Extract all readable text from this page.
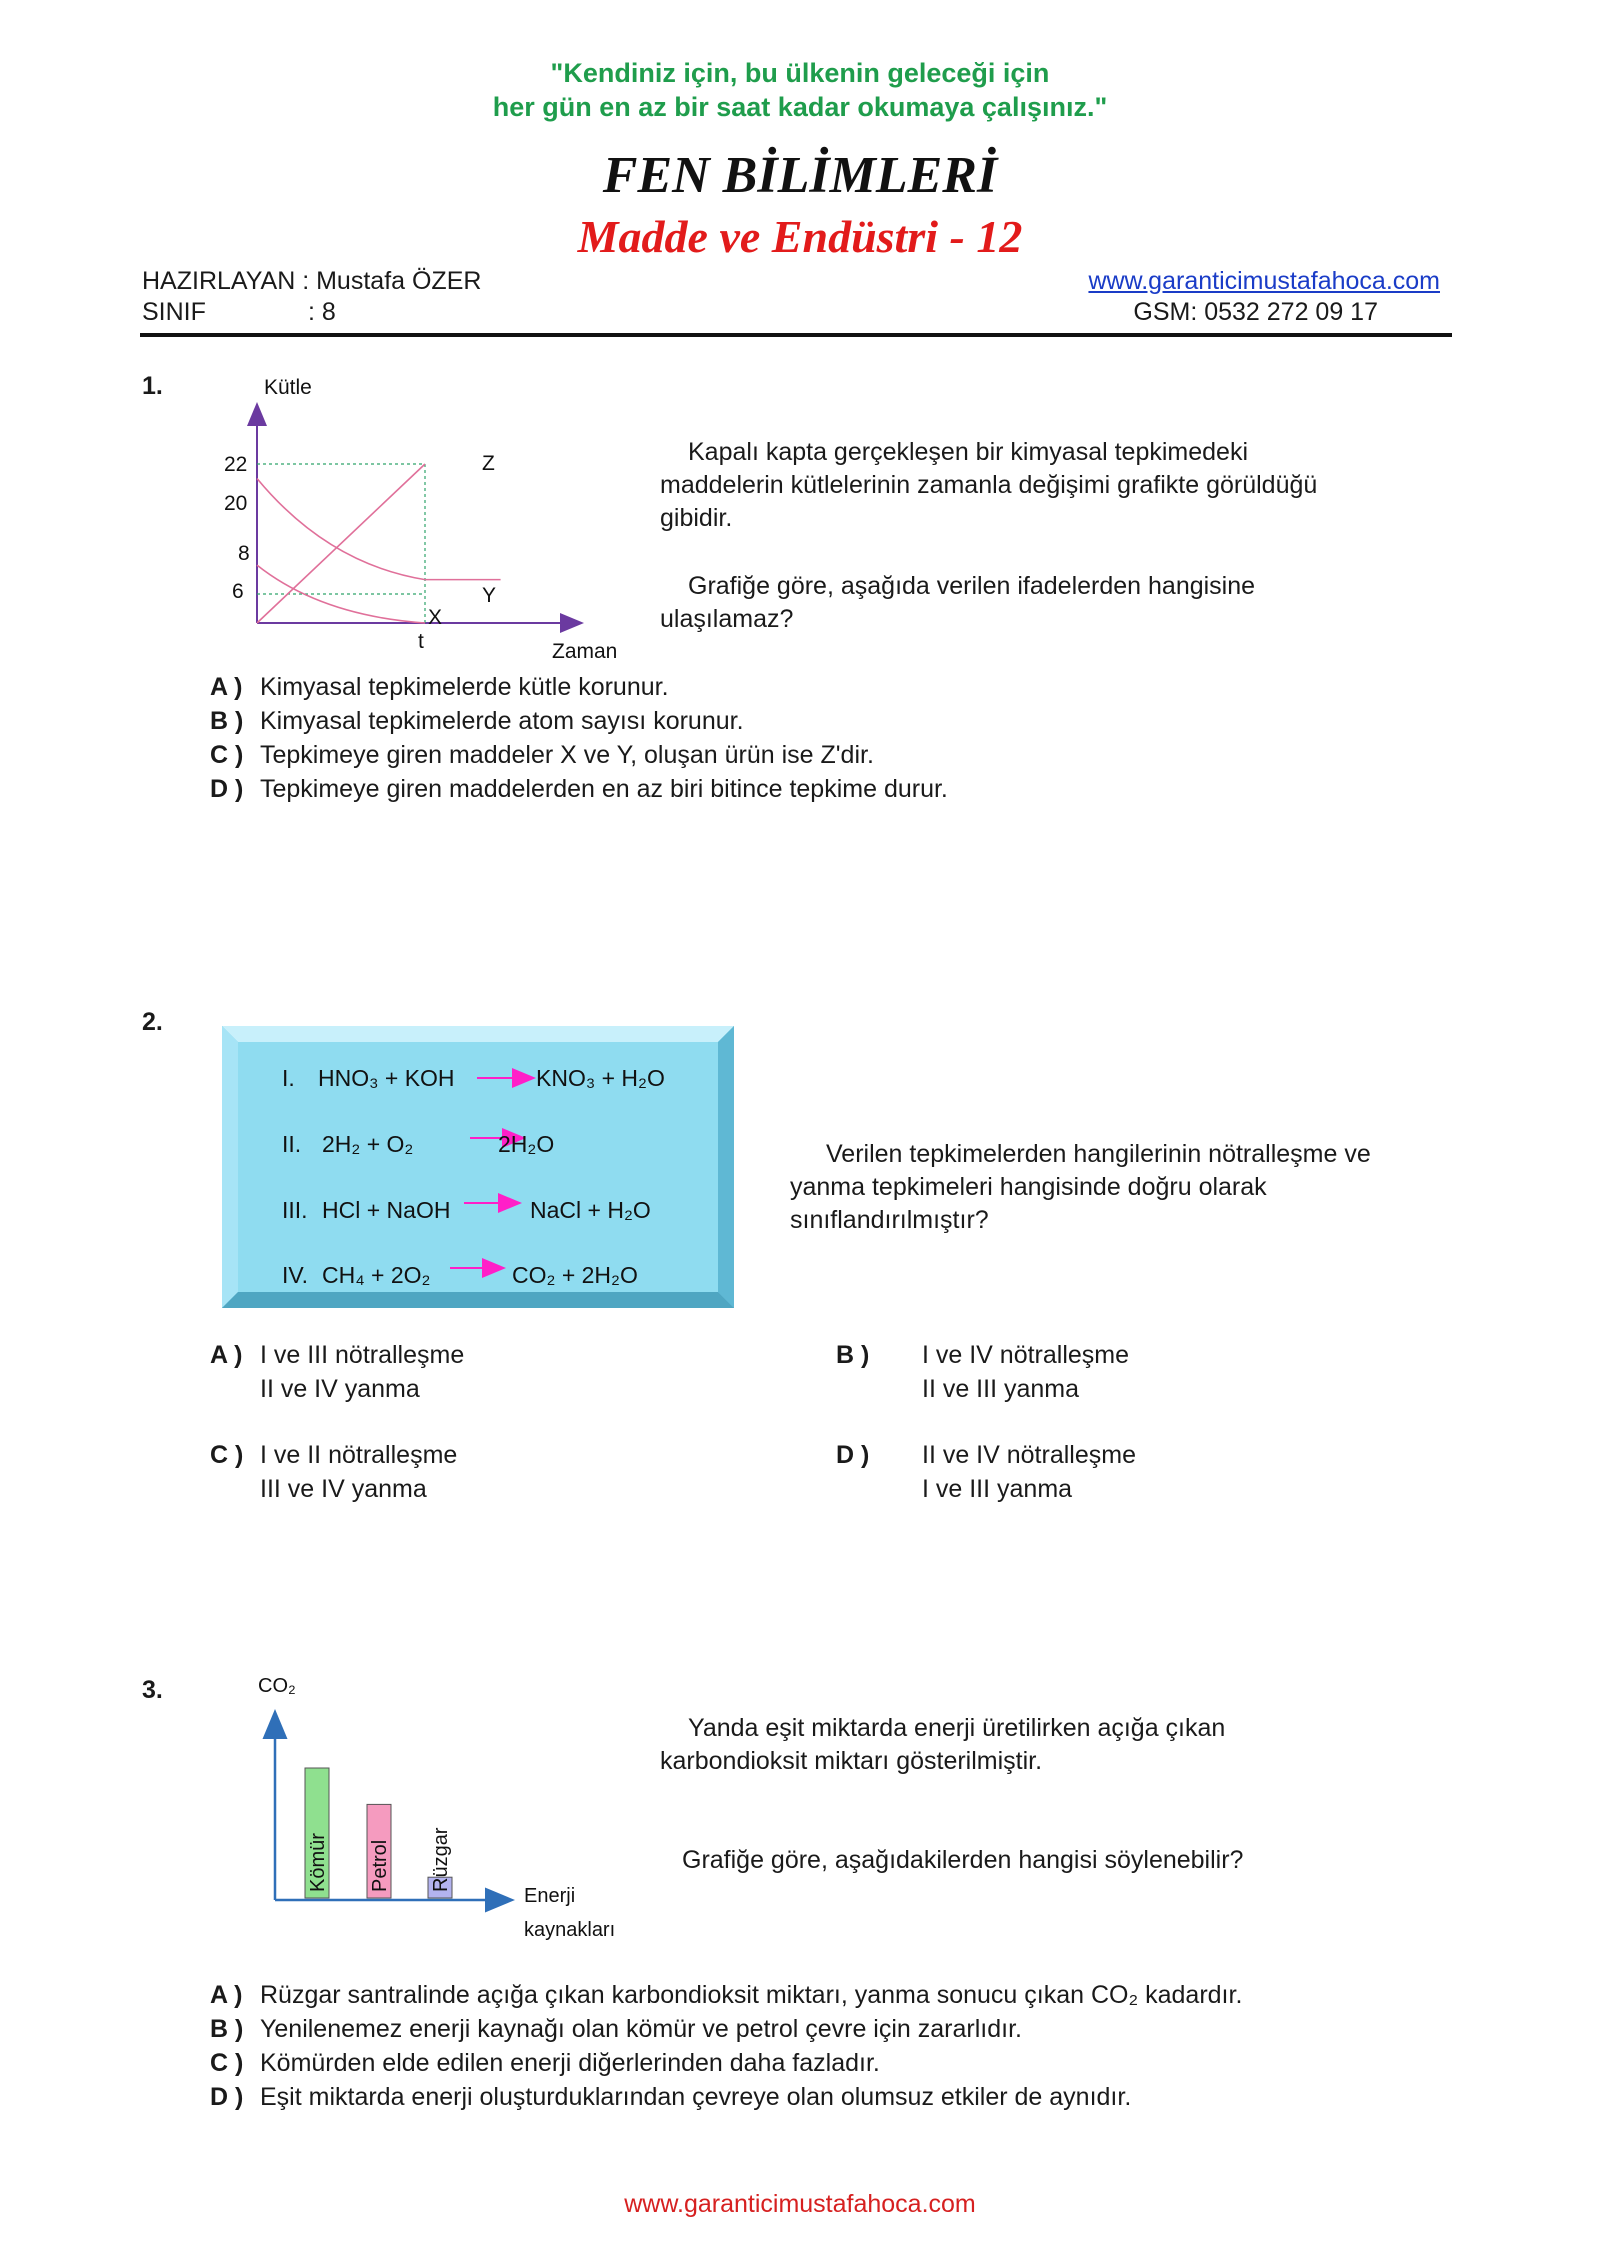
"Kendiniz için, bu ülkenin geleceği için
her gün en az bir saat kadar okumaya çalışınız."
FEN BİLİMLERİ
Madde ve Endüstri - 12
HAZIRLAYAN : Mustafa ÖZER
SINIF	: 8
www.garanticimustafahoca.com
GSM: 0532 272 09 17
1.	Kütle
Zaman
22
20
8
6
t
Z
Y
X
Kapalı kapta gerçekleşen bir kimyasal tepkimedeki maddelerin kütlelerinin zamanla değişimi grafikte görüldüğü gibidir.
Grafiğe göre, aşağıda verilen ifadelerden hangisine ulaşılamaz?
A ) Kimyasal tepkimelerde kütle korunur.
B ) Kimyasal tepkimelerde atom sayısı korunur.
C ) Tepkimeye giren maddeler X ve Y, oluşan ürün ise Z'dir.
D ) Tepkimeye giren maddelerden en az biri bitince tepkime durur.
2.
I. HNO₃ + KOH	KNO₃ + H₂O
II. 2H₂ + O₂	2H₂O
III. HCl + NaOH	NaCl + H₂O
IV. CH₄ + 2O₂	CO₂ + 2H₂O
Verilen tepkimelerden hangilerinin nötralleşme ve yanma tepkimeleri hangisinde doğru olarak sınıflandırılmıştır?
A ) I ve III nötralleşme
II ve IV yanma
B ) I ve IV nötralleşme
II ve III yanma
C ) I ve II nötralleşme
III ve IV yanma
D ) II ve IV nötralleşme
I ve III yanma
3.	CO₂
Enerji
kaynakları
Kömür Petrol Rüzgar
Yanda eşit miktarda enerji üretilirken açığa çıkan karbondioksit miktarı gösterilmiştir.
Grafiğe göre, aşağıdakilerden hangisi söylenebilir?
A ) Rüzgar santralinde açığa çıkan karbondioksit miktarı, yanma sonucu çıkan CO₂ kadardır.
B ) Yenilenemez enerji kaynağı olan kömür ve petrol çevre için zararlıdır.
C ) Kömürden elde edilen enerji diğerlerinden daha fazladır.
D ) Eşit miktarda enerji oluşturduklarından çevreye olan olumsuz etkiler de aynıdır.
www.garanticimustafahoca.com
